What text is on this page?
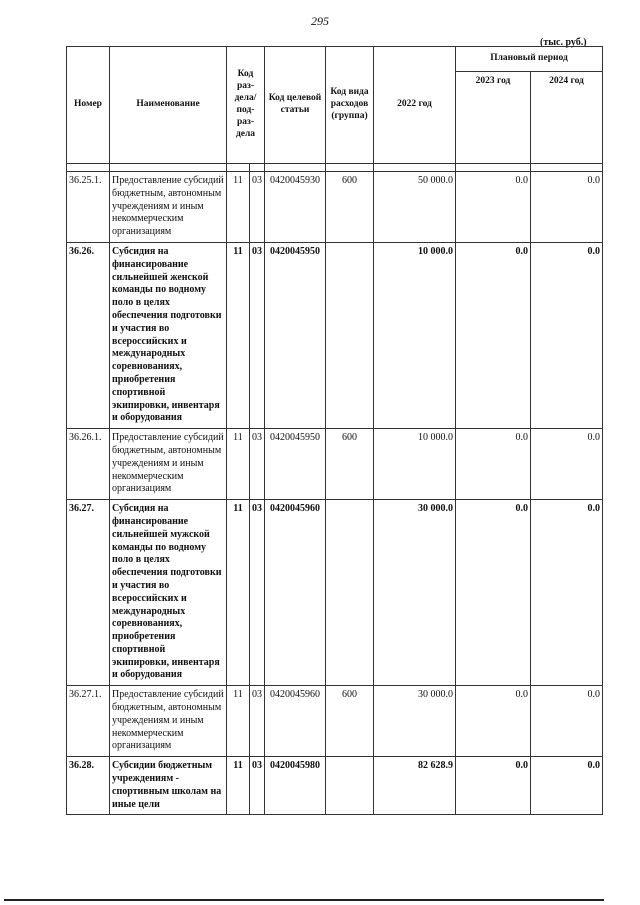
295
(тыс. руб.)
Номер	Наименование	Код раз-дела/ под-раз-дела		Код целевой статьи	Код вида расходов (группа)	2022 год	Плановый период	
							2023 год	2024 год

36.25.1.	Предоставление субсидий бюджетным, автономным учреждениям и иным некоммерческим организациям	11	03	0420045930	600	50 000.0	0.0	0.0
36.26.	Субсидия на финансирование сильнейшей женской команды по водному поло в целях обеспечения подготовки и участия во всероссийских и международных соревнованиях, приобретения спортивной экипировки, инвентаря и оборудования	11	03	0420045950		10 000.0	0.0	0.0
36.26.1.	Предоставление субсидий бюджетным, автономным учреждениям и иным некоммерческим организациям	11	03	0420045950	600	10 000.0	0.0	0.0
36.27.	Субсидия на финансирование сильнейшей мужской команды по водному поло в целях обеспечения подготовки и участия во всероссийских и международных соревнованиях, приобретения спортивной экипировки, инвентаря и оборудования	11	03	0420045960		30 000.0	0.0	0.0
36.27.1.	Предоставление субсидий бюджетным, автономным учреждениям и иным некоммерческим организациям	11	03	0420045960	600	30 000.0	0.0	0.0
36.28.	Субсидии бюджетным учреждениям - спортивным школам на иные цели	11	03	0420045980		82 628.9	0.0	0.0
